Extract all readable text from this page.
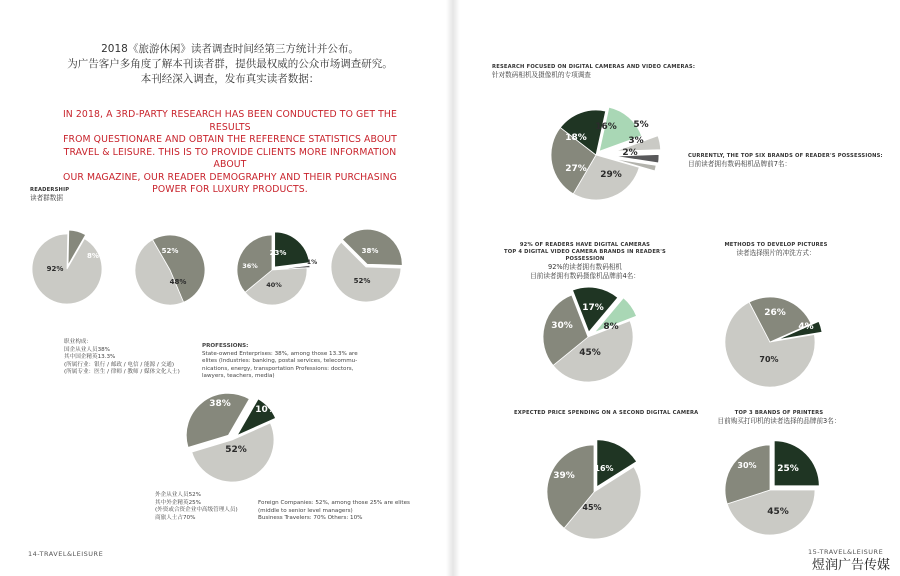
2018《旅游休闲》读者调查时间经第三方统计并公布。
为广告客户多角度了解本刊读者群，提供最权威的公众市场调查研究。
本刊经深入调查，发布真实读者数据：
IN 2018, A 3RD-PARTY RESEARCH HAS BEEN CONDUCTED TO GET THE RESULTS
FROM QUESTIONARE AND OBTAIN THE REFERENCE STATISTICS ABOUT
TRAVEL & LEISURE. THIS IS TO PROVIDE CLIENTS MORE INFORMATION ABOUT
OUR MAGAZINE, OUR READER DEMOGRAPHY AND THEIR PURCHASING
POWER FOR LUXURY PRODUCTS.
READERSHIP
读者群数据
职业构成：
国企从业人员38%
其中国企精英13.3%
(所属行业：银行 / 邮政 / 电信 / 能源 / 交通)
(所属专业：医生 / 律师 / 教师 / 媒体文化人士)
PROFESSIONS:
State-owned Enterprises: 38%, among those 13.3% are
elites (Industries: banking, postal services, telecommu-
nications, energy, transportation Professions: doctors,
lawyers, teachers, media)
外企从业人员52%
其中外企精英25%
(外资或合资企业中高级管理人员)
商旅人士占70%
Foreign Companies: 52%, among those 25% are elites
(middle to senior level managers)
Business Travelers: 70% Others: 10%
RESEARCH FOCUSED ON DIGITAL CAMERAS AND VIDEO CAMERAS:
针对数码相机及摄像机的专项调查
CURRENTLY, THE TOP SIX BRANDS OF READER'S POSSESSIONS:
目前读者拥有数码相机品牌前7名：
92% OF READERS HAVE DIGITAL CAMERAS
TOP 4 DIGITAL VIDEO CAMERA BRANDS IN READER'S POSSESSION
92%的读者拥有数码相机
目前读者拥有数码摄像机品牌前4名：
METHODS TO DEVELOP PICTURES
读者选择照片的冲洗方式：
EXPECTED PRICE SPENDING ON A SECOND DIGITAL CAMERA	TOP 3 BRANDS OF PRINTERS
目前购买打印机的读者选择的品牌前3名：
92%
8%
52%
48%
23%
1%
40%
36%
38%
52%
10%
52%
38%
5%
3%
2%
29%
27%
18%
16%
8%
45%
30%
17%
4%
70%
26%
16%
45%
39%
25%
45%
30%
14-TRAVEL&LEISURE	15-TRAVEL&LEISURE
煜润广告传媒
